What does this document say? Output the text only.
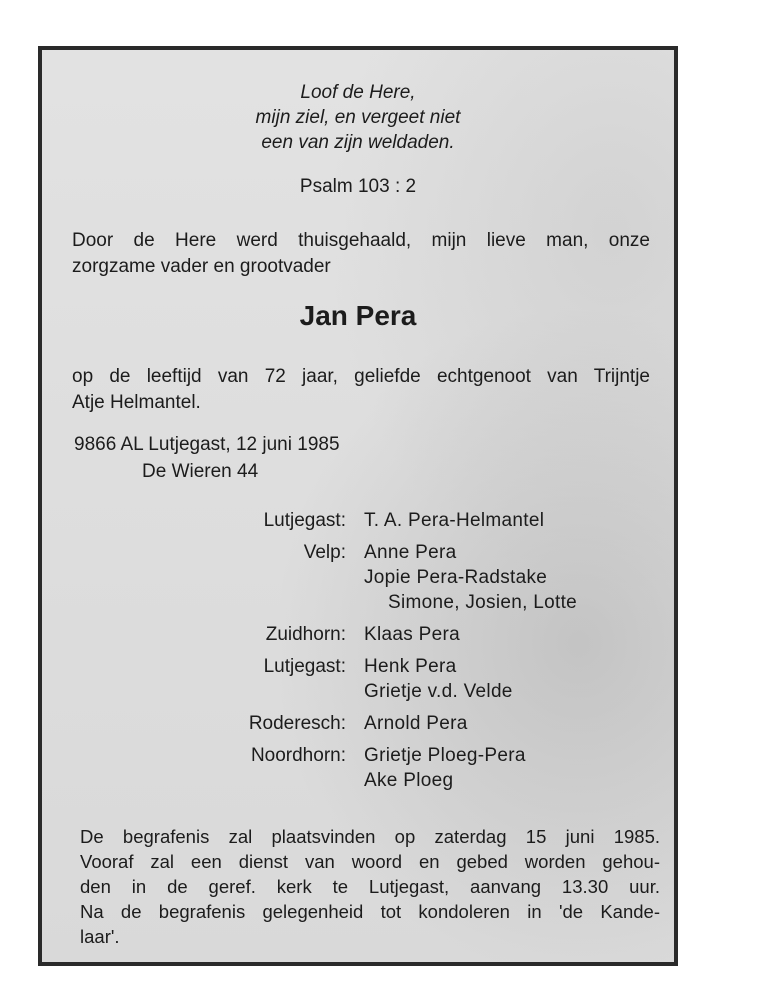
Loof de Here,
mijn ziel, en vergeet niet
een van zijn weldaden.
Psalm 103 : 2
Door de Here werd thuisgehaald, mijn lieve man, onze
zorgzame vader en grootvader
Jan Pera
op de leeftijd van 72 jaar, geliefde echtgenoot van Trijntje
Atje Helmantel.
9866 AL Lutjegast, 12 juni 1985
De Wieren 44
Lutjegast: T. A. Pera-Helmantel
Velp: Anne Pera
Jopie Pera-Radstake
Simone, Josien, Lotte
Zuidhorn: Klaas Pera
Lutjegast: Henk Pera
Grietje v.d. Velde
Roderesch: Arnold Pera
Noordhorn: Grietje Ploeg-Pera
Ake Ploeg
De begrafenis zal plaatsvinden op zaterdag 15 juni 1985.
Vooraf zal een dienst van woord en gebed worden gehou-
den in de geref. kerk te Lutjegast, aanvang 13.30 uur.
Na de begrafenis gelegenheid tot kondoleren in 'de Kande-
laar'.
